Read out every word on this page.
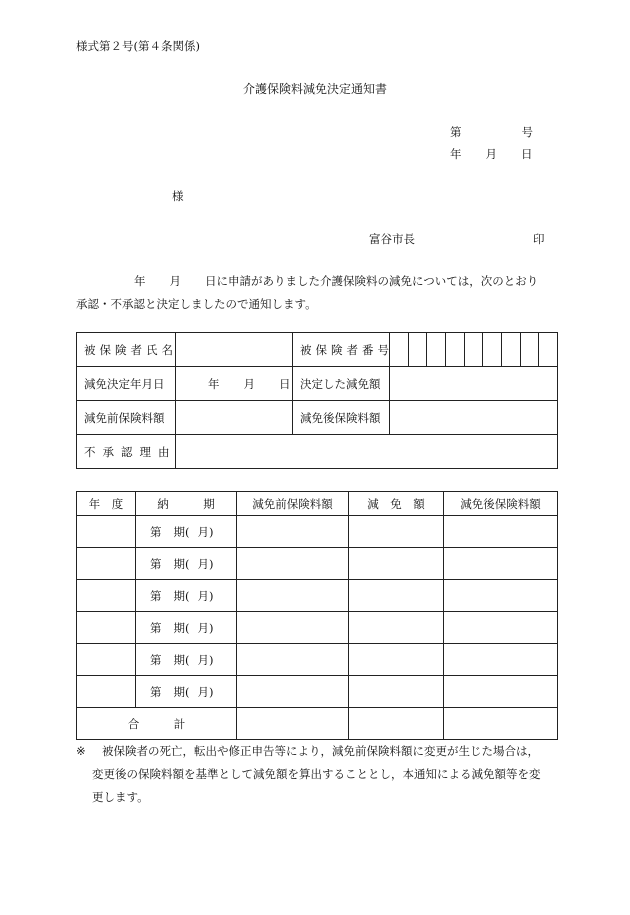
様式第２号(第４条関係)
介護保険料減免決定通知書
第	号
年 月 日
様
富谷市長	印
年 月 日に申請がありました介護保険料の減免については，次のとおり
承認・不承認と決定しましたので通知します。
被保険者氏名		被保険者番号	

減免決定年月日	年 月 日	決定した減免額	
減免前保険料額		減免後保険料額	
不承認理由			
年　度	納　　　期	減免前保険料額	減　免　額	減免後保険料額
	第 期( 月)			
	第 期( 月)			
	第 期( 月)			
	第 期( 月)			
	第 期( 月)			
	第 期( 月)			
合　　　計				
※ 被保険者の死亡，転出や修正申告等により，減免前保険料額に変更が生じた場合は，
変更後の保険料額を基準として減免額を算出することとし，本通知による減免額等を変
更します。
